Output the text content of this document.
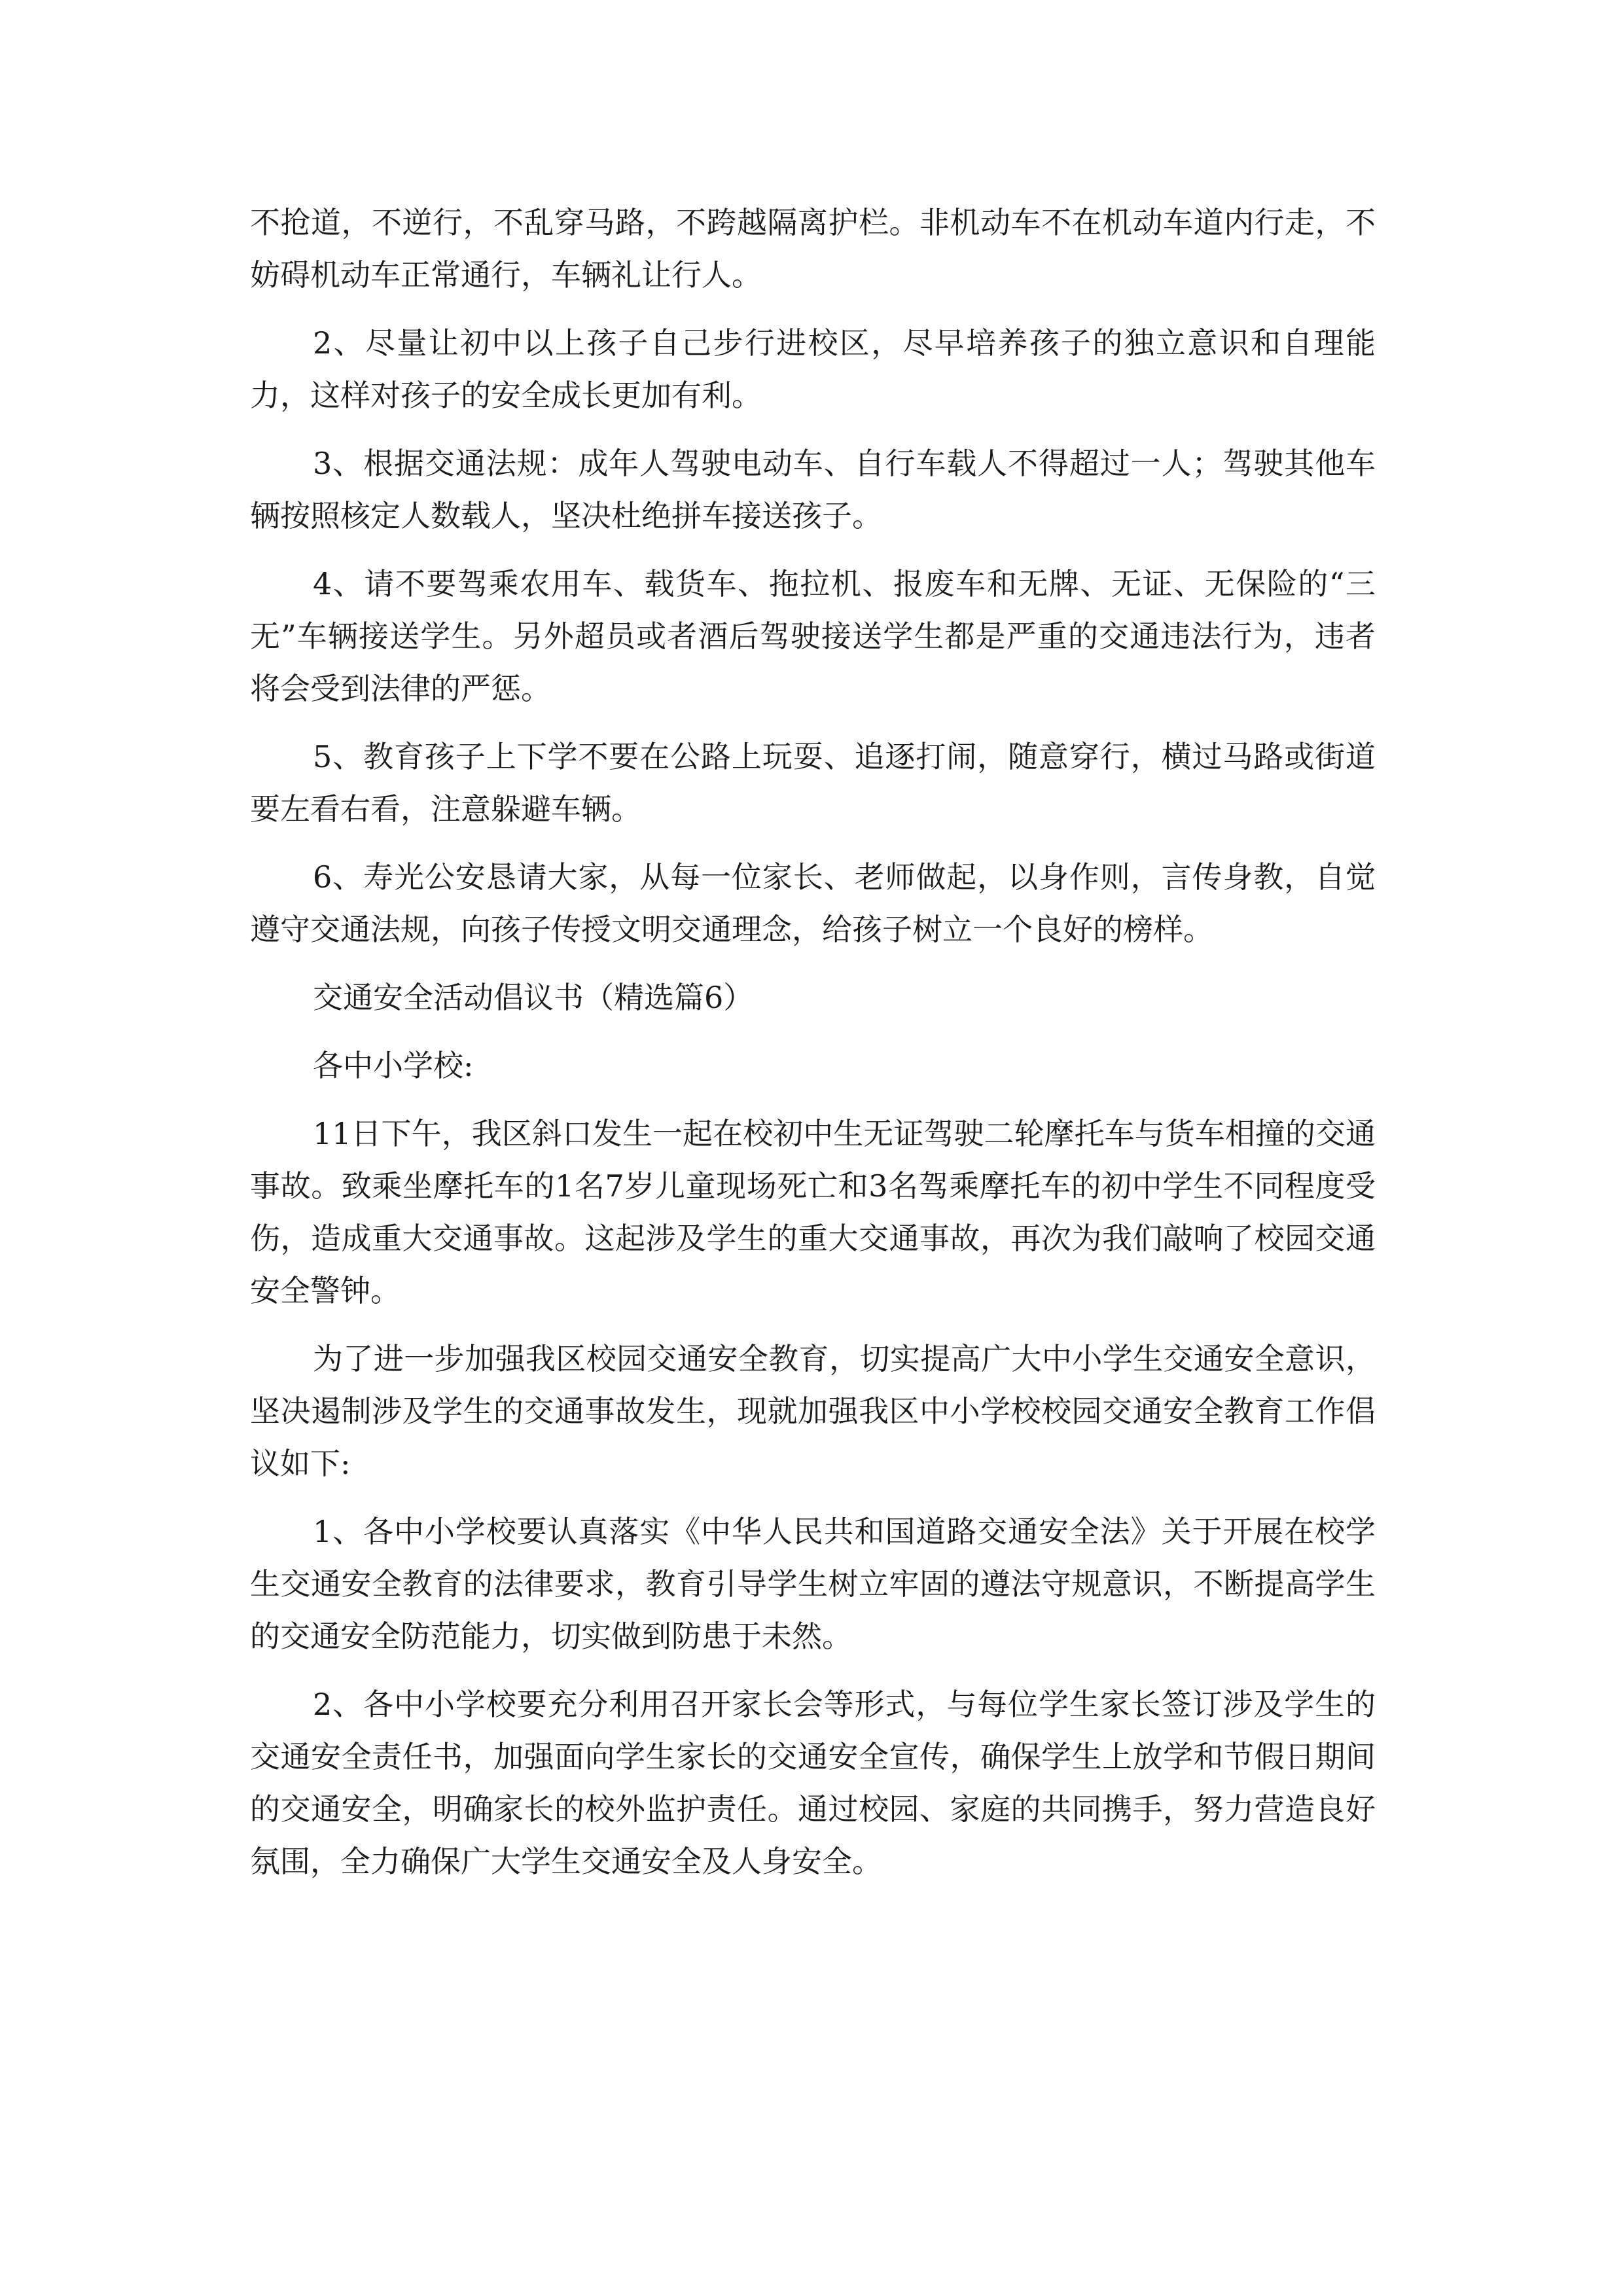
不抢道，不逆行，不乱穿马路，不跨越隔离护栏。非机动车不在机动车道内行走，不妨碍机动车正常通行，车辆礼让行人。

2、尽量让初中以上孩子自己步行进校区，尽早培养孩子的独立意识和自理能力，这样对孩子的安全成长更加有利。

3、根据交通法规：成年人驾驶电动车、自行车载人不得超过一人；驾驶其他车辆按照核定人数载人，坚决杜绝拼车接送孩子。

4、请不要驾乘农用车、载货车、拖拉机、报废车和无牌、无证、无保险的“三无”车辆接送学生。另外超员或者酒后驾驶接送学生都是严重的交通违法行为，违者将会受到法律的严惩。

5、教育孩子上下学不要在公路上玩耍、追逐打闹，随意穿行，横过马路或街道要左看右看，注意躲避车辆。

6、寿光公安恳请大家，从每一位家长、老师做起，以身作则，言传身教，自觉遵守交通法规，向孩子传授文明交通理念，给孩子树立一个良好的榜样。

交通安全活动倡议书（精选篇6）

各中小学校:

11日下午，我区斜口发生一起在校初中生无证驾驶二轮摩托车与货车相撞的交通事故。致乘坐摩托车的1名7岁儿童现场死亡和3名驾乘摩托车的初中学生不同程度受伤，造成重大交通事故。这起涉及学生的重大交通事故，再次为我们敲响了校园交通安全警钟。

为了进一步加强我区校园交通安全教育，切实提高广大中小学生交通安全意识，坚决遏制涉及学生的交通事故发生，现就加强我区中小学校校园交通安全教育工作倡议如下:

1、各中小学校要认真落实《中华人民共和国道路交通安全法》关于开展在校学生交通安全教育的法律要求，教育引导学生树立牢固的遵法守规意识，不断提高学生的交通安全防范能力，切实做到防患于未然。

2、各中小学校要充分利用召开家长会等形式，与每位学生家长签订涉及学生的交通安全责任书，加强面向学生家长的交通安全宣传，确保学生上放学和节假日期间的交通安全，明确家长的校外监护责任。通过校园、家庭的共同携手，努力营造良好氛围，全力确保广大学生交通安全及人身安全。
